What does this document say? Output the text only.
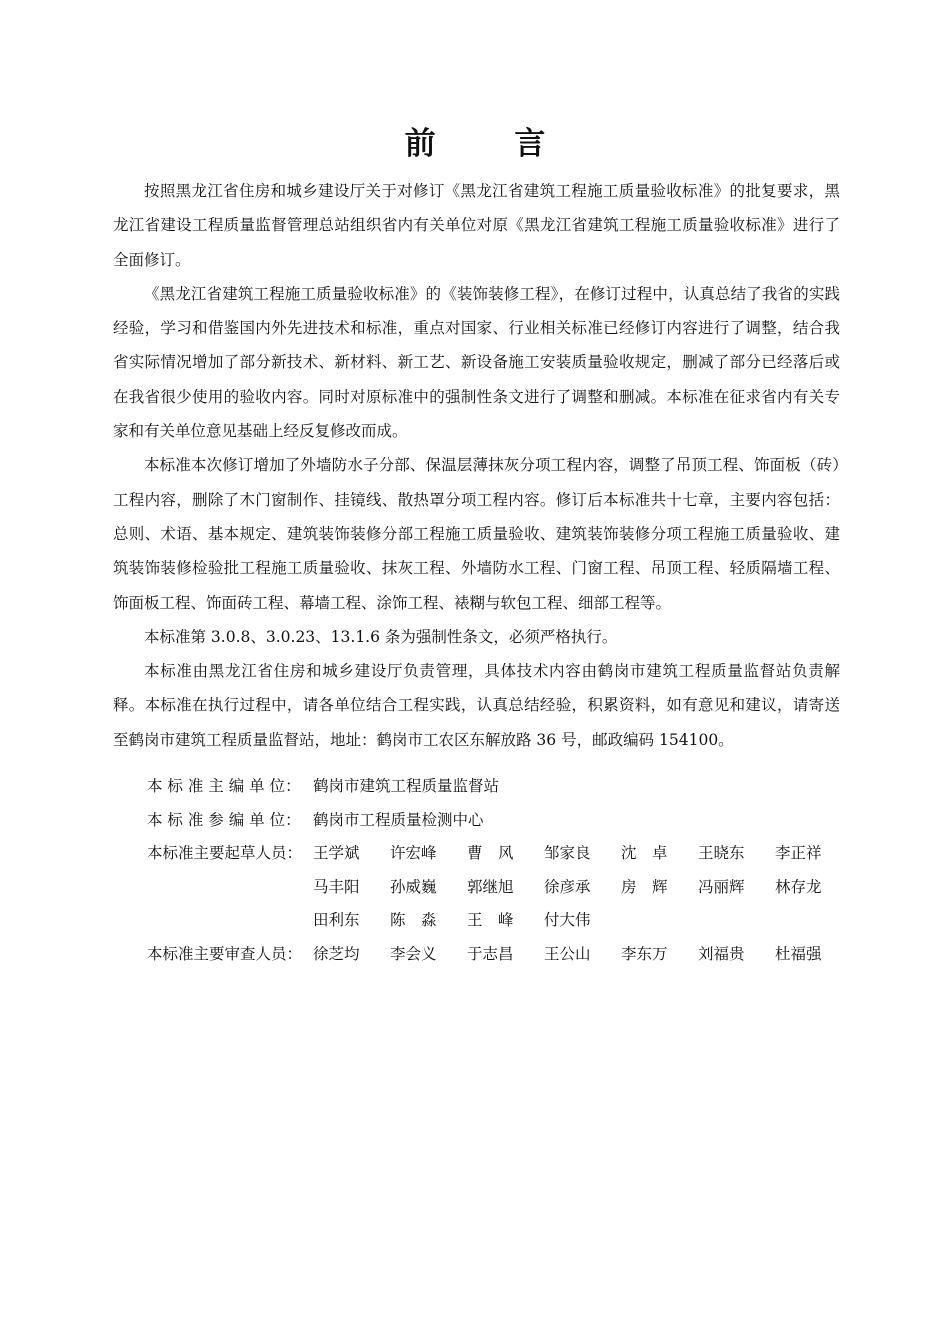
前 言

按照黑龙江省住房和城乡建设厅关于对修订《黑龙江省建筑工程施工质量验收标准》的批复要求，黑龙江省建设工程质量监督管理总站组织省内有关单位对原《黑龙江省建筑工程施工质量验收标准》进行了全面修订。

《黑龙江省建筑工程施工质量验收标准》的《装饰装修工程》，在修订过程中，认真总结了我省的实践经验，学习和借鉴国内外先进技术和标准，重点对国家、行业相关标准已经修订内容进行了调整，结合我省实际情况增加了部分新技术、新材料、新工艺、新设备施工安装质量验收规定，删减了部分已经落后或在我省很少使用的验收内容。同时对原标准中的强制性条文进行了调整和删减。本标准在征求省内有关专家和有关单位意见基础上经反复修改而成。

本标准本次修订增加了外墙防水子分部、保温层薄抹灰分项工程内容，调整了吊顶工程、饰面板（砖）工程内容，删除了木门窗制作、挂镜线、散热罩分项工程内容。修订后本标准共十七章，主要内容包括：总则、术语、基本规定、建筑装饰装修分部工程施工质量验收、建筑装饰装修分项工程施工质量验收、建筑装饰装修检验批工程施工质量验收、抹灰工程、外墙防水工程、门窗工程、吊顶工程、轻质隔墙工程、饰面板工程、饰面砖工程、幕墙工程、涂饰工程、裱糊与软包工程、细部工程等。

本标准第 3.0.8、3.0.23、13.1.6 条为强制性条文，必须严格执行。

本标准由黑龙江省住房和城乡建设厅负责管理，具体技术内容由鹤岗市建筑工程质量监督站负责解释。本标准在执行过程中，请各单位结合工程实践，认真总结经验，积累资料，如有意见和建议，请寄送至鹤岗市建筑工程质量监督站，地址：鹤岗市工农区东解放路 36 号，邮政编码 154100。

本 标 准 主 编 单 位： 鹤岗市建筑工程质量监督站
本 标 准 参 编 单 位： 鹤岗市工程质量检测中心
本标准主要起草人员： 王学斌 许宏峰 曹　风 邹家良 沈　卓 王晓东 李正祥
马丰阳 孙威巍 郭继旭 徐彦承 房　辉 冯丽辉 林存龙
田利东 陈　淼 王　峰 付大伟
本标准主要审查人员： 徐芝均 李会义 于志昌 王公山 李东万 刘福贵 杜福强
